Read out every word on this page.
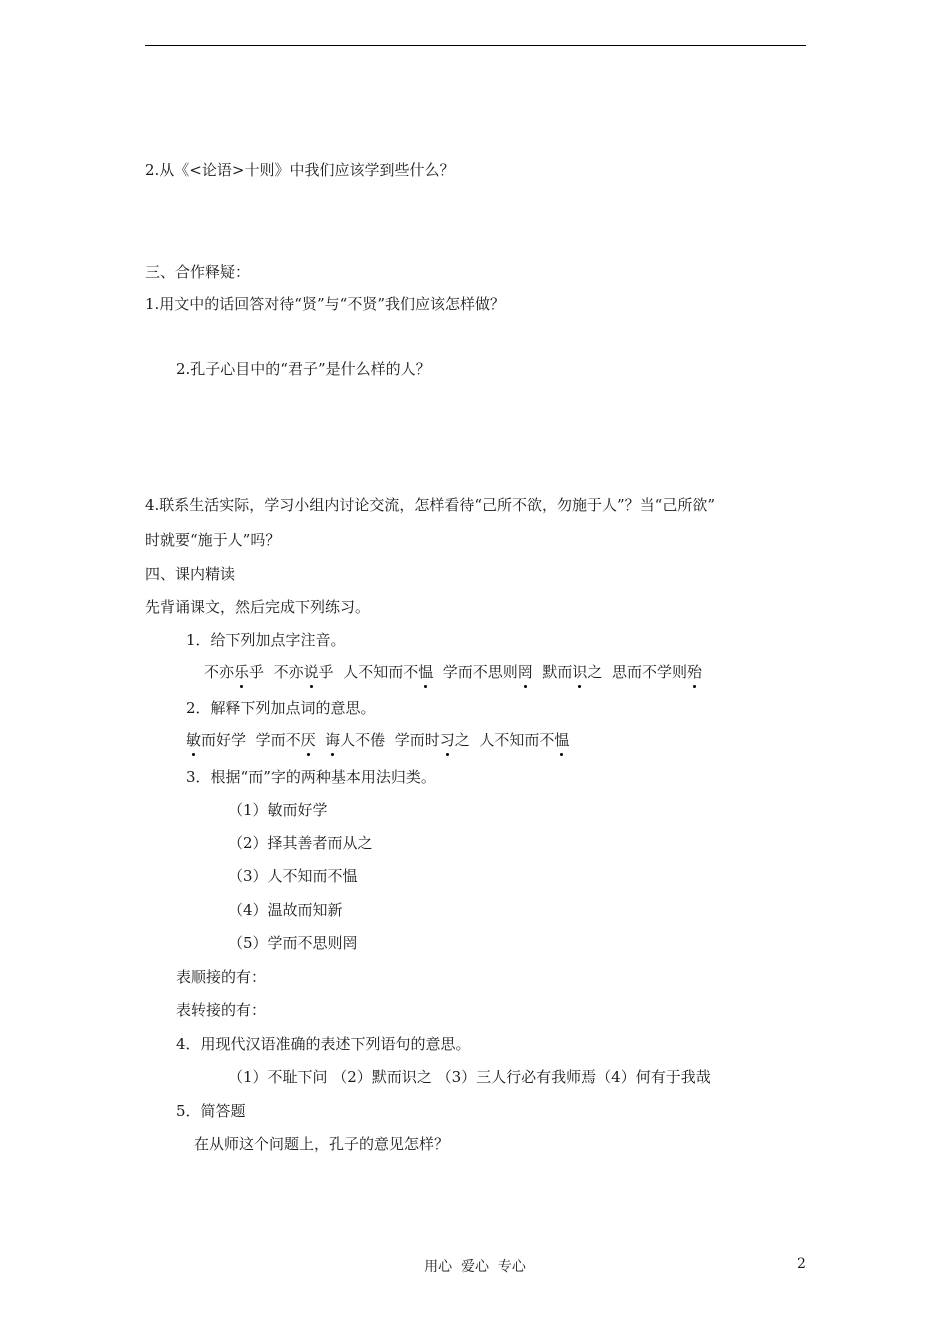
2.从《<论语>十则》中我们应该学到些什么？
三、合作释疑：
1.用文中的话回答对待“贤”与“不贤”我们应该怎样做？
2.孔子心目中的“君子”是什么样的人？
4.联系生活实际，学习小组内讨论交流，怎样看待“己所不欲，勿施于人”？当“己所欲”
时就要“施于人”吗？
四、课内精读
先背诵课文，然后完成下列练习。
1．给下列加点字注音。
不亦乐乎 不亦说乎 人不知而不愠 学而不思则罔 默而识之 思而不学则殆
2．解释下列加点词的意思。
敏而好学 学而不厌 诲人不倦 学而时习之 人不知而不愠
3．根据“而”字的两种基本用法归类。
（1）敏而好学
（2）择其善者而从之
（3）人不知而不愠
（4）温故而知新
（5）学而不思则罔
表顺接的有：
表转接的有：
4．用现代汉语准确的表述下列语句的意思。
（1）不耻下问 （2）默而识之 （3）三人行必有我师焉（4）何有于我哉
5．简答题
在从师这个问题上，孔子的意见怎样？
用心  爱心  专心	2
